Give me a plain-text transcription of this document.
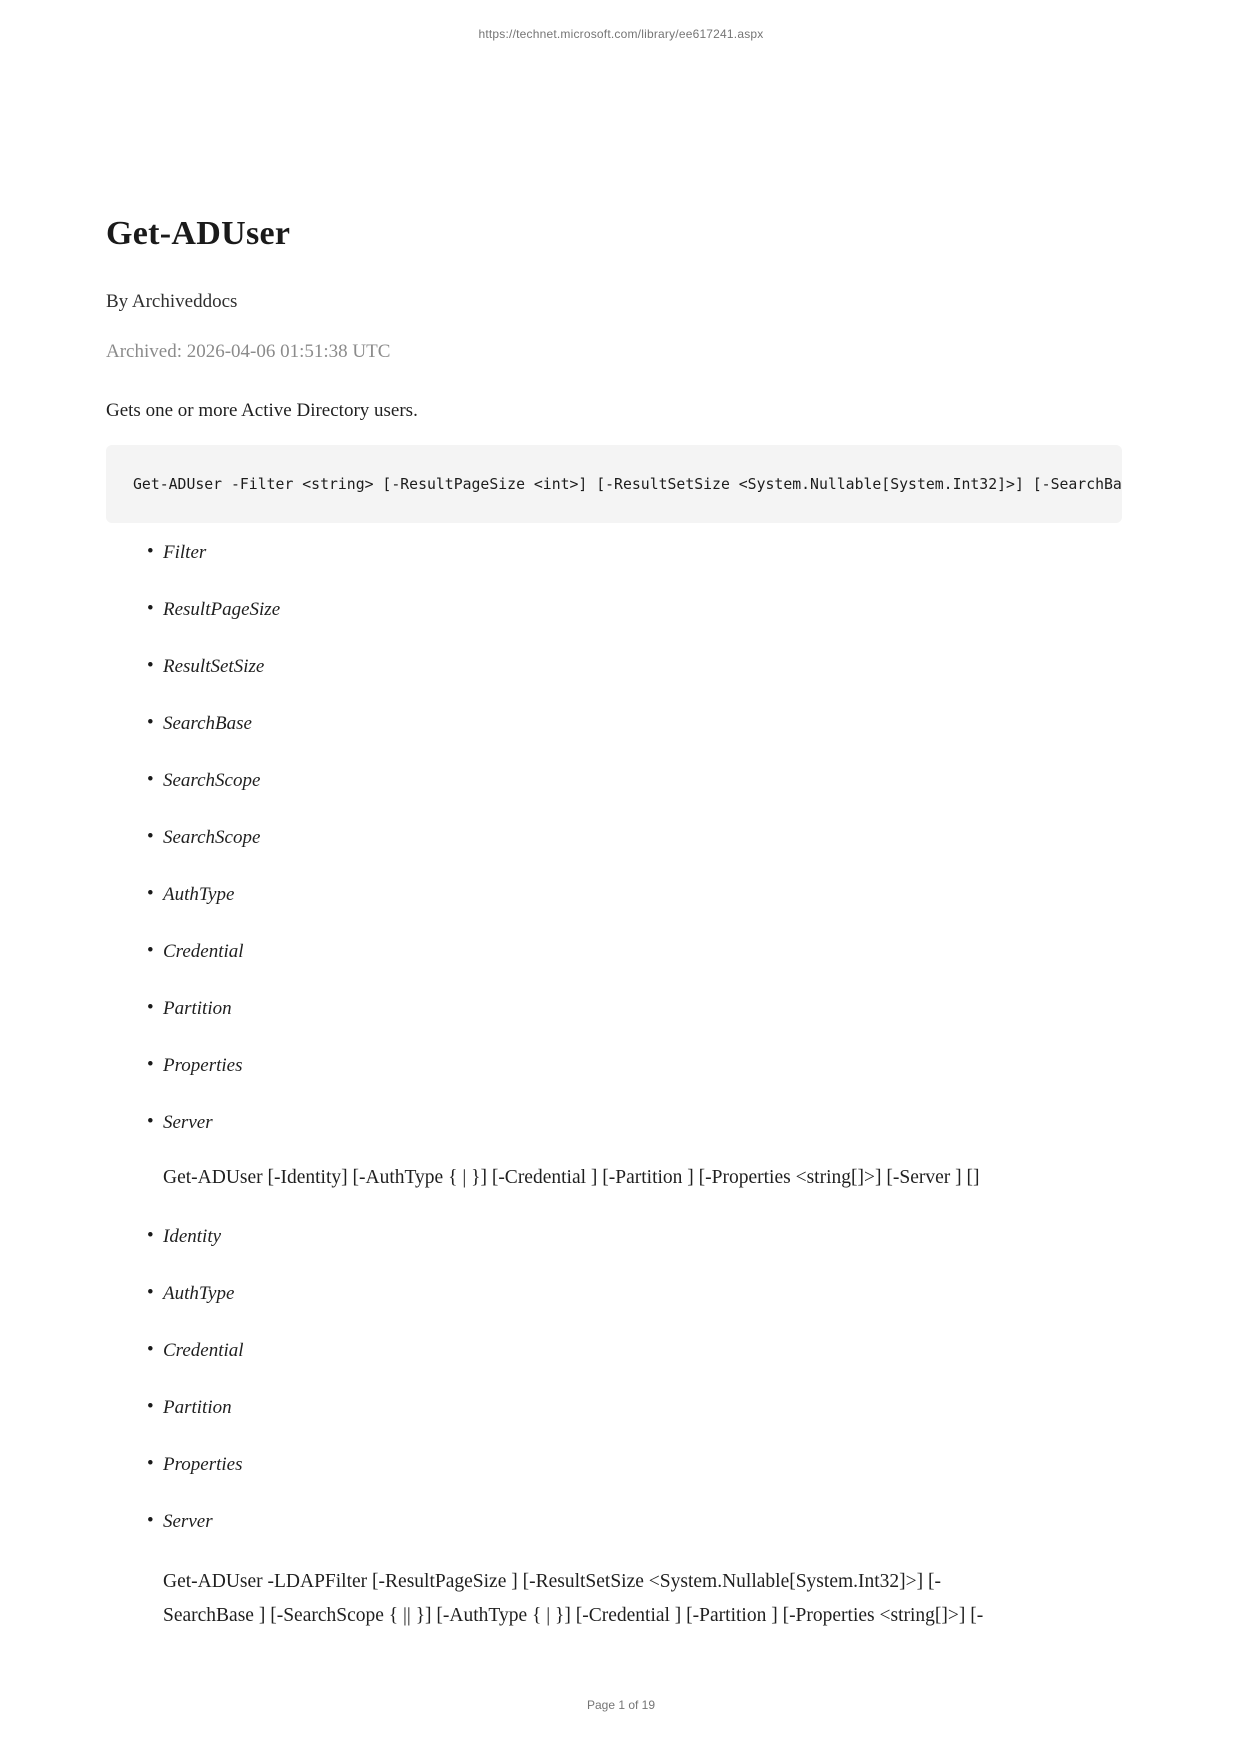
https://technet.microsoft.com/library/ee617241.aspx
Get-ADUser
By Archiveddocs
Archived: 2026-04-06 01:51:38 UTC
Gets one or more Active Directory users.
Get-ADUser -Filter <string> [-ResultPageSize <int>] [-ResultSetSize <System.Nullable[System.Int32]>] [-SearchBa
• Filter
• ResultPageSize
• ResultSetSize
• SearchBase
• SearchScope
• SearchScope
• AuthType
• Credential
• Partition
• Properties
• Server
Get-ADUser [-Identity] [-AuthType { | }] [-Credential ] [-Partition ] [-Properties <string[]>] [-Server ] []
• Identity
• AuthType
• Credential
• Partition
• Properties
• Server
Get-ADUser -LDAPFilter [-ResultPageSize ] [-ResultSetSize <System.Nullable[System.Int32]>] [-
SearchBase ] [-SearchScope { || }] [-AuthType { | }] [-Credential ] [-Partition ] [-Properties <string[]>] [-
Page 1 of 19
